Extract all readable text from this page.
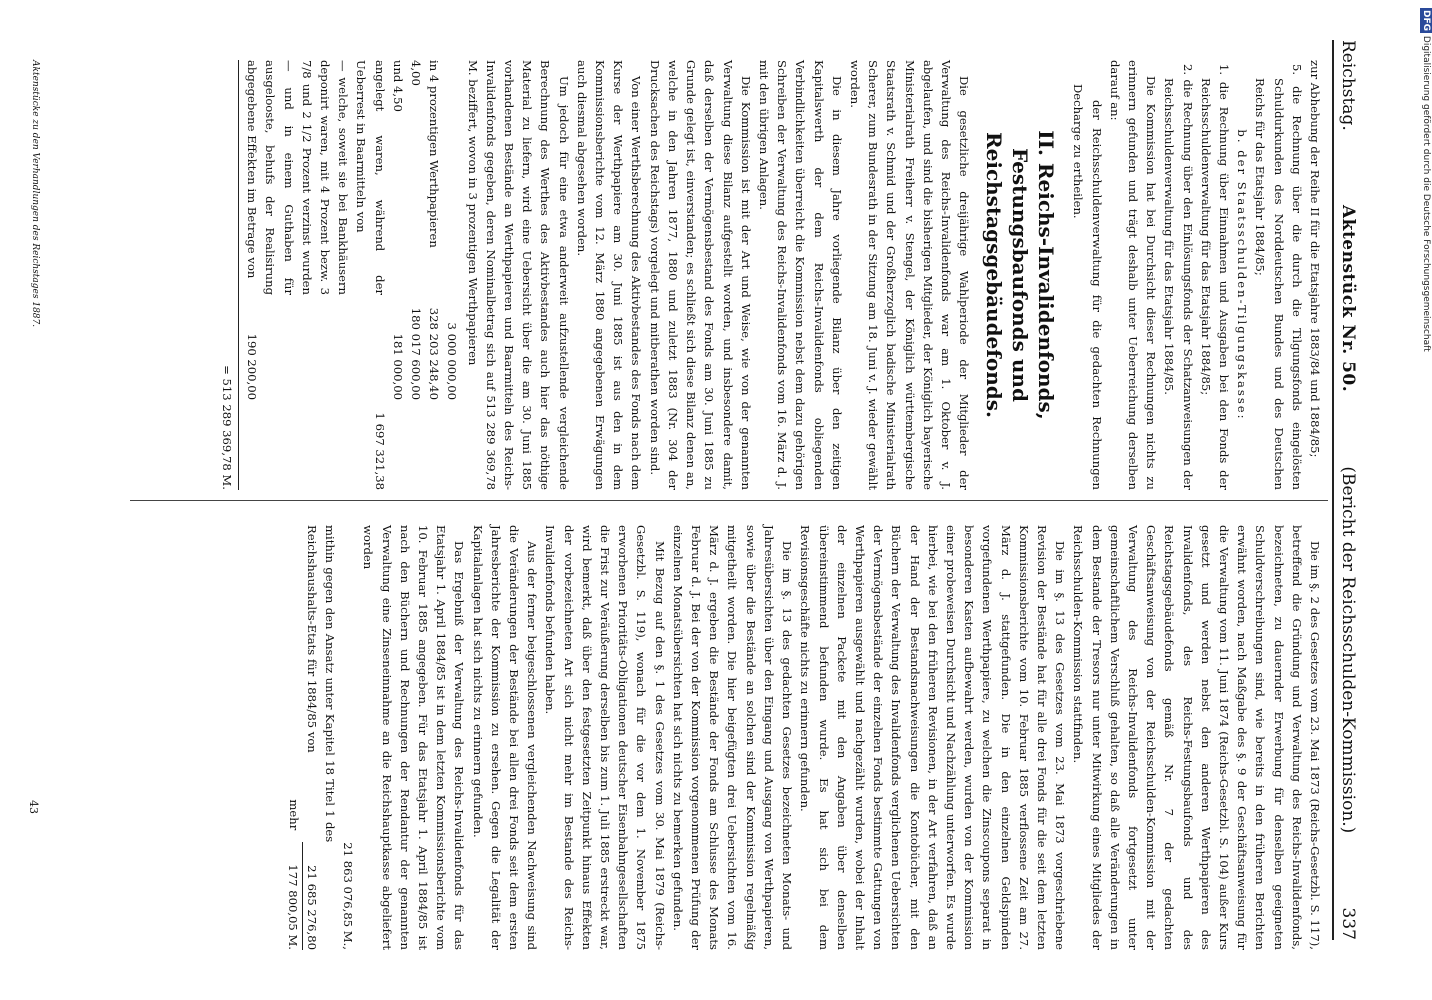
Reichstag.
Aktenstück Nr. 50.
(Bericht der Reichsschulden-Kommission.)
337

zur Abhebung der Reihe II für die Etatsjahre 1883/84 und 1884/85;

5. die Rechnung über die durch die Tilgungsfonds eingelösten Schuldurkunden des Norddeutschen Bundes und des Deutschen Reichs für das Etatsjahr 1884/85;

b. der Staatsschulden-Tilgungskasse:

1. die Rechnung über Einnahmen und Ausgaben bei den Fonds der Reichsschuldenverwaltung für das Etatsjahr 1884/85;

2. die Rechnung über den Einlösungsfonds der Schatzanweisungen der Reichsschuldenverwaltung für das Etatsjahr 1884/85.

Die Kommission hat bei Durchsicht dieser Rechnungen nichts zu erinnern gefunden und trägt deshalb unter Ueberreichung derselben darauf an:

der Reichsschuldenverwaltung für die gedachten Rechnungen Decharge zu ertheilen.

II. Reichs-Invalidenfonds, Festungsbaufonds und Reichstagsgebäudefonds.

Die gesetzliche dreijährige Wahlperiode der Mitglieder der Verwaltung des Reichs-Invalidenfonds war am 1. Oktober v. J. abgelaufen, und sind die bisherigen Mitglieder, der Königlich bayerische Ministerialrath Freiherr v. Stengel, der Königlich württembergische Staatsrath v. Schmid und der Großherzoglich badische Ministerialrath Scherer, zum Bundesrath in der Sitzung am 18. Juni v. J. wieder gewählt worden.

Die in diesem Jahre vorliegende Bilanz über den zeitigen Kapitalswerth der dem Reichs-Invalidenfonds obliegenden Verbindlichkeiten überreicht die Kommission nebst dem dazu gehörigen Schreiben der Verwaltung des Reichs-Invalidenfonds vom 16. März d. J. mit den übrigen Anlagen.

Die Kommission ist mit der Art und Weise, wie von der genannten Verwaltung diese Bilanz aufgestellt worden, und insbesondere damit, daß derselben der Vermögensbestand des Fonds am 30. Juni 1885 zu Grunde gelegt ist, einverstanden; es schließt sich diese Bilanz denen an, welche in den Jahren 1877, 1880 und zuletzt 1883 (Nr. 304 der Drucksachen des Reichstags) vorgelegt und mitberathen worden sind.

Von einer Werthsberechnung des Aktivbestandes des Fonds nach dem Kurse der Werthpapiere am 30. Juni 1885 ist aus den in dem Kommissionsberichte vom 12. März 1880 angegebenen Erwägungen auch diesmal abgesehen worden.

Um jedoch für eine etwa anderweit aufzustellende vergleichende Berechnung des Werthes des Aktivbestandes auch hier das nöthige Material zu liefern, wird eine Uebersicht über die am 30. Juni 1885 vorhandenen Bestände an Werthpapieren und Baarmitteln des Reichs-Invalidenfonds gegeben, deren Nominalbetrag sich auf 513 289 369,78 M. beziffert, wovon in 3 prozentigen Werthpapieren

	3 000 000,00	
in 4 prozentigen Werthpapieren	328 203 248,40	
4,00	180 017 600,00	
und 4,50	181 000,00	
angelegt waren, während der Ueberrest in Baarmitteln von		1 697 321,38
— welche, soweit sie bei Bankhäusern deponirt waren, mit 4 Prozent bezw. 3 7/8 und 2 1/2 Prozent verzinst wurden — und in einem Guthaben für ausgelooste, behufs der Realisirung abgegebene Effekten im Betrage von	190 200,00	
= 513 289 369,78 M.

Die im §. 2 des Gesetzes vom 23. Mai 1873 (Reichs-Gesetzbl. S. 117), betreffend die Gründung und Verwaltung des Reichs-Invalidenfonds, bezeichneten, zu dauernder Erwerbung für denselben geeigneten Schuldverschreibungen sind, wie bereits in den früheren Berichten erwähnt worden, nach Maßgabe des §. 9 der Geschäftsanweisung für die Verwaltung vom 11. Juni 1874 (Reichs-Gesetzbl. S. 104) außer Kurs gesetzt und werden nebst den anderen Werthpapieren des Invalidenfonds, des Reichs-Festungsbaufonds und des Reichstagsgebäudefonds gemäß Nr. 7 der gedachten Geschäftsanweisung von der Reichsschulden-Kommission mit der Verwaltung des Reichs-Invalidenfonds fortgesetzt unter gemeinschaftlichem Verschluß gehalten, so daß alle Veränderungen in dem Bestande der Tresors nur unter Mitwirkung eines Mitgliedes der Reichsschulden-Kommission stattfinden.

Die im §. 13 des Gesetzes vom 23. Mai 1873 vorgeschriebene Revision der Bestände hat für alle drei Fonds für die seit dem letzten Kommissionsberichte vom 10. Februar 1885 verflossene Zeit am 27. März d. J. stattgefunden. Die in den einzelnen Geldspinden vorgefundenen Werthpapiere, zu welchen die Zinscoupons separat in besonderen Kasten aufbewahrt werden, wurden von der Kommission einer probeweisen Durchsicht und Nachzählung unterworfen. Es wurde hierbei, wie bei den früheren Revisionen, in der Art verfahren, daß an der Hand der Bestandsnachweisungen die Kontobücher, mit den Büchern der Verwaltung des Invalidenfonds verglichenen Uebersichten der Vermögensbestände der einzelnen Fonds bestimmte Gattungen von Werthpapieren ausgewählt und nachgezählt wurden, wobei der Inhalt der einzelnen Packete mit den Angaben über denselben übereinstimmend befunden wurde. Es hat sich bei dem Revisionsgeschäfte nichts zu erinnern gefunden.

Die im §. 13 des gedachten Gesetzes bezeichneten Monats- und Jahresübersichten über den Eingang und Ausgang von Werthpapieren, sowie über die Bestände an solchen sind der Kommission regelmäßig mitgetheilt worden. Die hier beigefügten drei Uebersichten vom 16. März d. J. ergeben die Bestände der Fonds am Schlusse des Monats Februar d. J. Bei der von der Kommission vorgenommenen Prüfung der einzelnen Monatsübersichten hat sich nichts zu bemerken gefunden.

Mit Bezug auf den §. 1 des Gesetzes vom 30. Mai 1879 (Reichs-Gesetzbl. S. 119), wonach für die vor dem 1. November 1875 erworbenen Prioritäts-Obligationen deutscher Eisenbahngesellschaften die Frist zur Veräußerung derselben bis zum 1. Juli 1885 erstreckt war, wird bemerkt, daß über den festgesetzten Zeitpunkt hinaus Effekten der vorbezeichneten Art sich nicht mehr im Bestande des Reichs-Invalidenfonds befunden haben.

Aus der ferner beigeschlossenen vergleichenden Nachweisung sind die Veränderungen der Bestände bei allen drei Fonds seit dem ersten Jahresberichte der Kommission zu ersehen. Gegen die Legalität der Kapitalanlagen hat sich nichts zu erinnern gefunden.

Das Ergebniß der Verwaltung des Reichs-Invalidenfonds für das Etatsjahr 1. April 1884/85 ist in dem letzten Kommissionsberichte vom 10. Februar 1885 angegeben. Für das Etatsjahr 1. April 1884/85 ist nach den Büchern und Rechnungen der Rendantur der genannten Verwaltung eine Zinseneinnahme an die Reichshauptkasse abgeliefert worden

	21 863 076,85 M.,
mithin gegen den Ansatz unter Kapitel 18 Titel 1 des Reichshaushalts-Etats für 1884/85 von	21 685 276,80
mehr	177 800,05 M.
Aktenstücke zu den Verhandlungen des Reichstages 1887.
43
DFG Digitalisierung gefördert durch die Deutsche Forschungsgemeinschaft
